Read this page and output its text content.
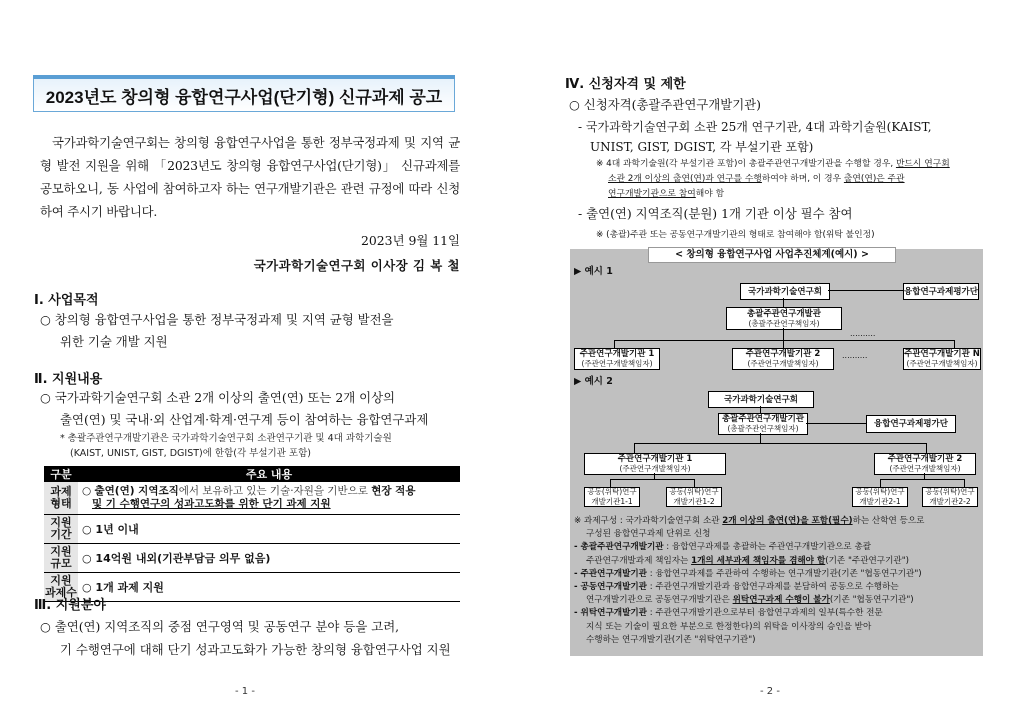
2023년도 창의형 융합연구사업(단기형) 신규과제 공고
국가과학기술연구회는 창의형 융합연구사업을 통한 정부국정과제 및 지역 균형 발전 지원을 위해 「2023년도 창의형 융합연구사업(단기형)」 신규과제를 공모하오니, 동 사업에 참여하고자 하는 연구개발기관은 관련 규정에 따라 신청하여 주시기 바랍니다.
2023년 9월 11일
국가과학기술연구회 이사장 김 복 철
Ⅰ. 사업목적
○ 창의형 융합연구사업을 통한 정부국정과제 및 지역 균형 발전을
위한 기술 개발 지원
Ⅱ. 지원내용
○ 국가과학기술연구회 소관 2개 이상의 출연(연) 또는 2개 이상의
출연(연) 및 국내·외 산업계·학계·연구계 등이 참여하는 융합연구과제
* 총괄주관연구개발기관은 국가과학기술연구회 소관연구기관 및 4대 과학기술원
(KAIST, UNIST, GIST, DGIST)에 한함(각 부설기관 포함)
구분	주요 내용
과제
형태	○ 출연(연) 지역조직에서 보유하고 있는 기술·자원을 기반으로 현장 적용
및 기 수행연구의 성과고도화를 위한 단기 과제 지원
지원
기간	○ 1년 이내
지원
규모	○ 14억원 내외(기관부담금 의무 없음)
지원
과제수	○ 1개 과제 지원
Ⅲ. 지원분야
○ 출연(연) 지역조직의 중점 연구영역 및 공동연구 분야 등을 고려,
기 수행연구에 대해 단기 성과고도화가 가능한 창의형 융합연구사업 지원
- 1 -
Ⅳ. 신청자격 및 제한
○ 신청자격(총괄주관연구개발기관)
- 국가과학기술연구회 소관 25개 연구기관, 4대 과학기술원(KAIST,
UNIST, GIST, DGIST, 각 부설기관 포함)
※ 4대 과학기술원(각 부설기관 포함)이 총괄주관연구개발기관을 수행할 경우, 반드시 연구회
소관 2개 이상의 출연(연)과 연구를 수행하여야 하며, 이 경우 출연(연)은 주관
연구개발기관으로 참여해야 함
- 출연(연) 지역조직(분원) 1개 기관 이상 필수 참여
※ (총괄)주관 또는 공동연구개발기관의 형태로 참여해야 함(위탁 불인정)
< 창의형 융합연구사업 사업추진체계(예시) >
▶ 예시 1
국가과학기술연구회	융합연구과제평가단
총괄주관연구개발관
(총괄주관연구책임자)
..........
주관연구개발기관 1
(주관연구개발책임자)
주관연구개발기관 2
(주관연구개발책임자)
..........	주관연구개발기관 N
(주관연구개발책임자)
▶ 예시 2
국가과학기술연구회
총괄주관연구개발기관
(총괄주관연구책임자)	융합연구과제평가단
주관연구개발기관 1
(주관연구개발책임자)
주관연구개발기관 2
(주관연구개발책임자)
공동(위탁)연구
개발기관1-1
공동(위탁)연구
개발기관1-2
공동(위탁)연구
개발기관2-1
공동(위탁)연구
개발기관2-2
※ 과제구성 : 국가과학기술연구회 소관 2개 이상의 출연(연)을 포함(필수)하는 산학연 등으로
구성된 융합연구과제 단위로 신청
- 총괄주관연구개발기관 : 융합연구과제를 총괄하는 주관연구개발기관으로 총괄
주관연구개발과제 책임자는 1개의 세부과제 책임자를 겸해야 함(기존 "주관연구기관")
- 주관연구개발기관 : 융합연구과제를 주관하여 수행하는 연구개발기관(기존 "협동연구기관")
- 공동연구개발기관 : 주관연구개발기관과 융합연구과제를 분담하여 공동으로 수행하는
연구개발기관으로 공동연구개발기관은 위탁연구과제 수행이 불가(기존 "협동연구기관")
- 위탁연구개발기관 : 주관연구개발기관으로부터 융합연구과제의 일부(특수한 전문
지식 또는 기술이 필요한 부분으로 한정한다)의 위탁을 이사장의 승인을 받아
수행하는 연구개발기관(기존 "위탁연구기관")
- 2 -
